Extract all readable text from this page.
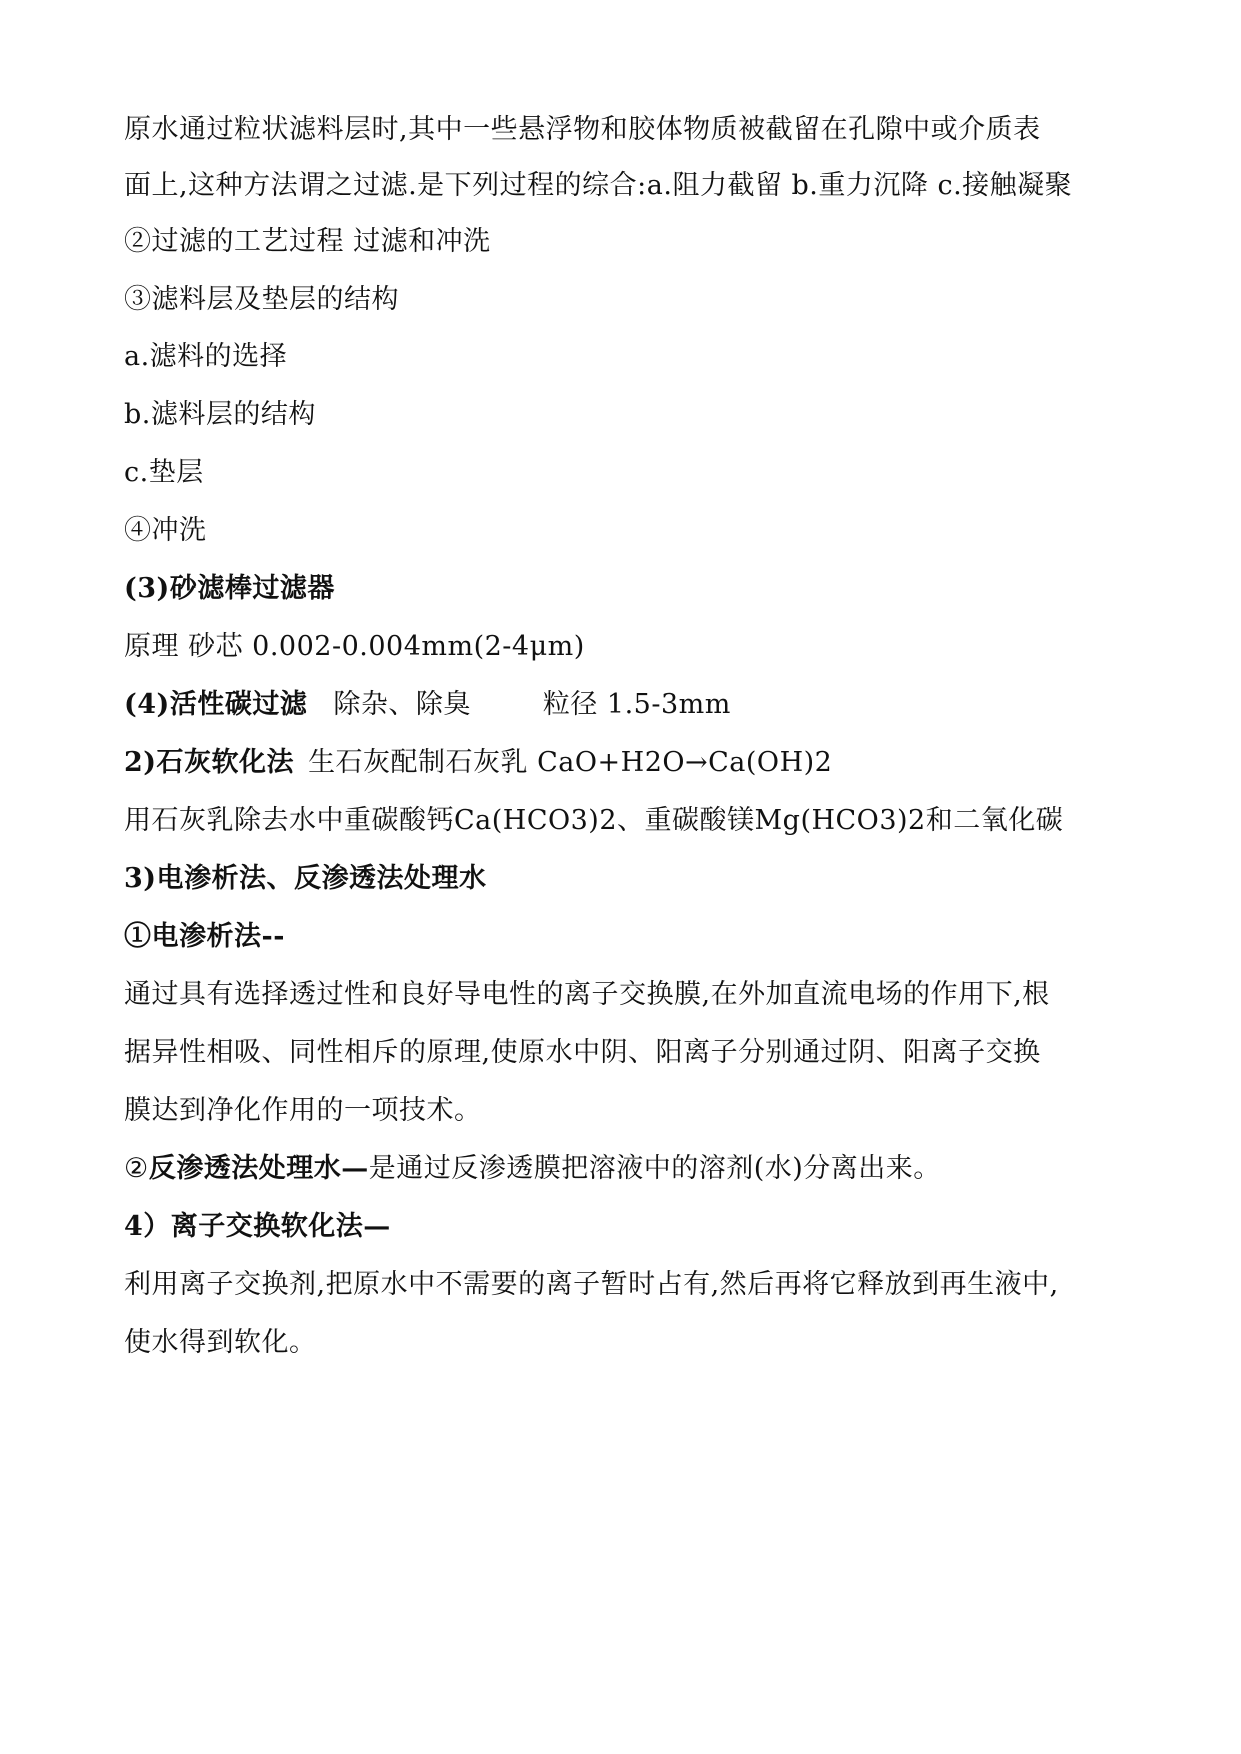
原水通过粒状滤料层时,其中一些悬浮物和胶体物质被截留在孔隙中或介质表
面上,这种方法谓之过滤.是下列过程的综合:a.阻力截留 b.重力沉降 c.接触凝聚
②过滤的工艺过程 过滤和冲洗
③滤料层及垫层的结构
a.滤料的选择
b.滤料层的结构
c.垫层
④冲洗
(3)砂滤棒过滤器
原理 砂芯 0.002-0.004mm(2-4μm)
(4)活性碳过滤 除杂、除臭	粒径 1.5-3mm
2)石灰软化法 生石灰配制石灰乳 CaO+H2O→Ca(OH)2
用石灰乳除去水中重碳酸钙Ca(HCO3)2、重碳酸镁Mg(HCO3)2和二氧化碳
3)电渗析法、反渗透法处理水
①电渗析法--
通过具有选择透过性和良好导电性的离子交换膜,在外加直流电场的作用下,根
据异性相吸、同性相斥的原理,使原水中阴、阳离子分别通过阴、阳离子交换
膜达到净化作用的一项技术。
②反渗透法处理水—是通过反渗透膜把溶液中的溶剂(水)分离出来。
4）离子交换软化法—
利用离子交换剂,把原水中不需要的离子暂时占有,然后再将它释放到再生液中,
使水得到软化。
